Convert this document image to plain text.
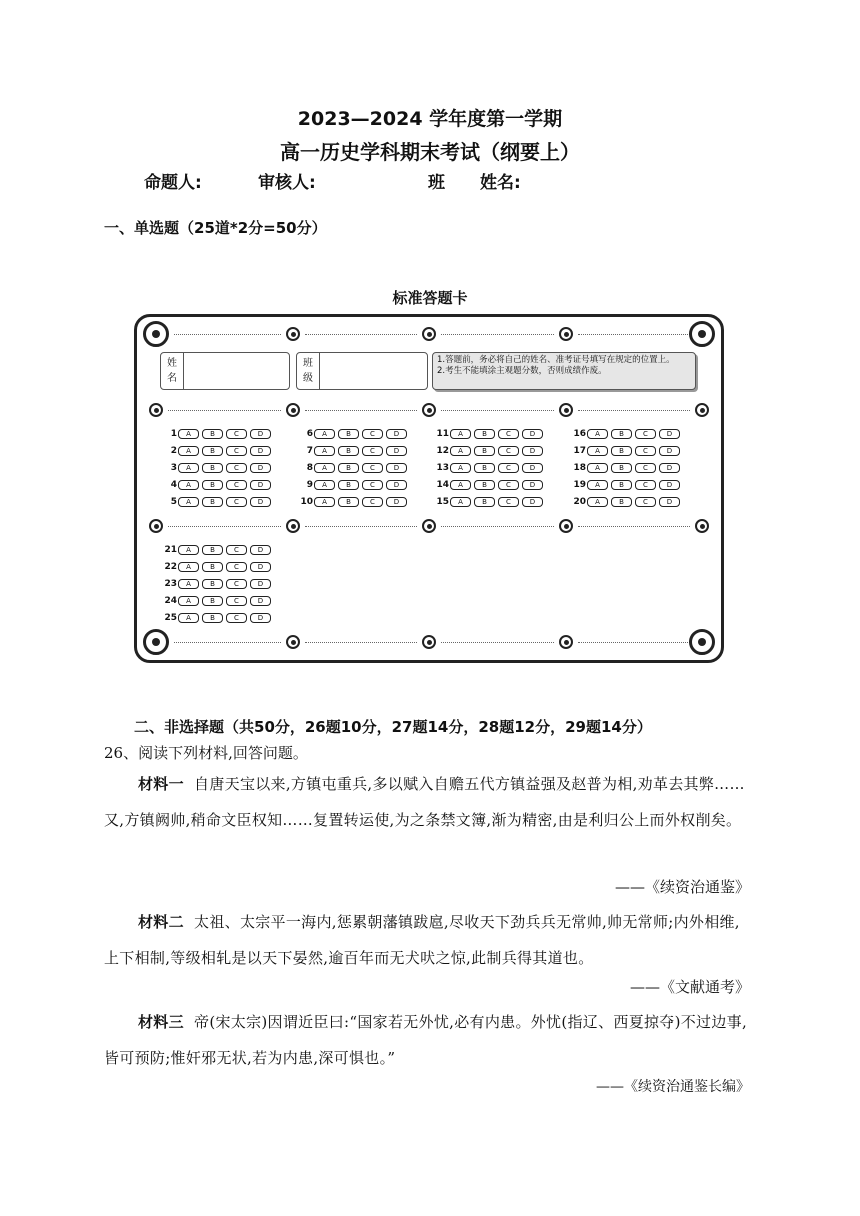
2023—2024 学年度第一学期
高一历史学科期末考试（纲要上）
命题人:	审核人:	班 姓名:
一、单选题（25道*2分=50分）
标准答题卡
姓
名
班
级
1.答题前，务必将自己的姓名、准考证号填写在规定的位置上。
2.考生不能填涂主观题分数，否则成绩作废。
1	A	B	C	D
2	A	B	C	D
3	A	B	C	D
4	A	B	C	D
5	A	B	C	D
6	A	B	C	D
7	A	B	C	D
8	A	B	C	D
9	A	B	C	D
10	A	B	C	D
11	A	B	C	D
12	A	B	C	D
13	A	B	C	D
14	A	B	C	D
15	A	B	C	D
16	A	B	C	D
17	A	B	C	D
18	A	B	C	D
19	A	B	C	D
20	A	B	C	D
21	A	B	C	D
22	A	B	C	D
23	A	B	C	D
24	A	B	C	D
25	A	B	C	D
二、非选择题（共50分，26题10分，27题14分，28题12分，29题14分）
26、阅读下列材料,回答问题。
材料一 自唐天宝以来,方镇屯重兵,多以赋入自赡五代方镇益强及赵普为相,劝革去其弊……又,方镇阙帅,稍命文臣权知……复置转运使,为之条禁文簿,渐为精密,由是利归公上而外权削矣。
——《续资治通鉴》
材料二 太祖、太宗平一海内,惩累朝藩镇跋扈,尽收天下劲兵兵无常帅,帅无常师;内外相维,上下相制,等级相轧是以天下晏然,逾百年而无犬吠之惊,此制兵得其道也。
——《文献通考》
材料三 帝(宋太宗)因谓近臣曰:“国家若无外忧,必有内患。外忧(指辽、西夏掠夺)不过边事,皆可预防;惟奸邪无状,若为内患,深可惧也。”
——《续资治通鉴长编》
